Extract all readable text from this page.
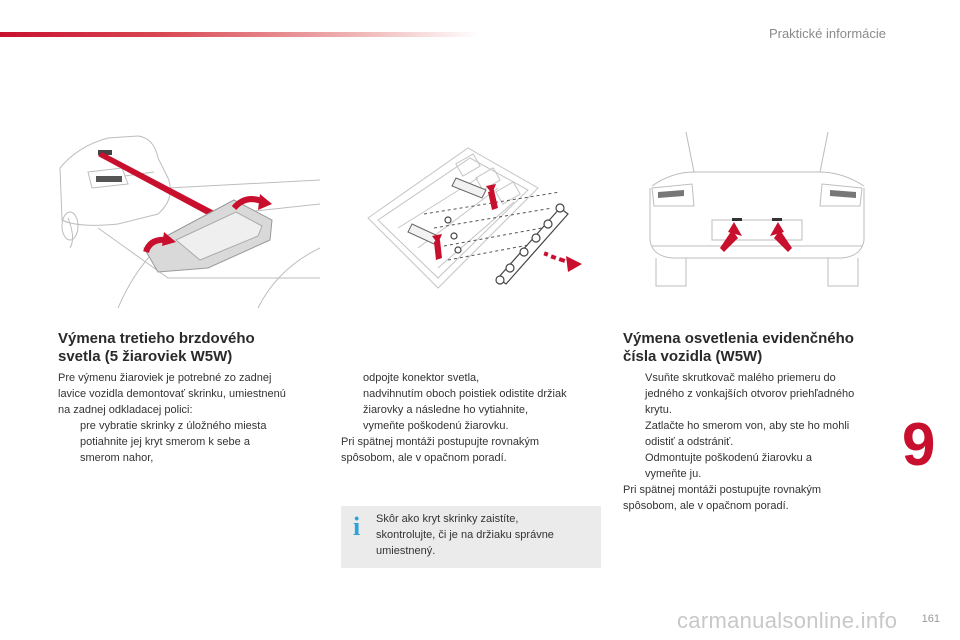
Praktické informácie
Výmena tretieho brzdového
svetla (5 žiaroviek W5W)

Pre výmenu žiaroviek je potrebné zo zadnej
lavice vozidla demontovať skrinku, umiestnenú
na zadnej odkladacej polici:

pre vybratie skrinky z úložného miesta
potiahnite jej kryt smerom k sebe a
smerom nahor,
odpojte konektor svetla,
nadvihnutím oboch poistiek odistite držiak
žiarovky a následne ho vytiahnite,
vymeňte poškodenú žiarovku.

Pri spätnej montáži postupujte rovnakým
spôsobom, ale v opačnom poradí.

i Skôr ako kryt skrinky zaistíte,
skontrolujte, či je na držiaku správne
umiestnený.
Výmena osvetlenia evidenčného
čísla vozidla (W5W)
Vsuňte skrutkovač malého priemeru do
jedného z vonkajších otvorov priehľadného
krytu.
Zatlačte ho smerom von, aby ste ho mohli
odistiť a odstrániť.
Odmontujte poškodenú žiarovku a
vymeňte ju.

Pri spätnej montáži postupujte rovnakým
spôsobom, ale v opačnom poradí.

9
carmanualsonline.info 161
